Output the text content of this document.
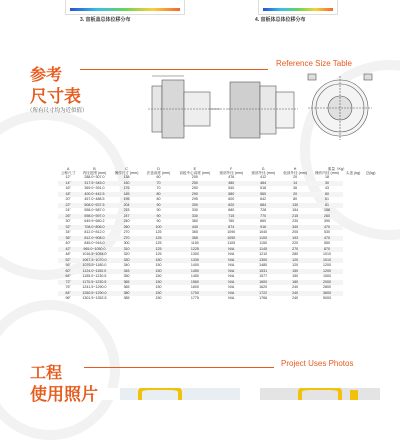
3. 盲板盖总体位移分布	4. 盲板体总体位移分布
参考
尺寸表
（所有尺寸均为近似值）
Reference Size Table
A	B	C	D	E	F	G	H	重量（Kg）		
公称尺寸	内径范围 (mm)	操作尺寸 (mm)	法盖高度 (mm)	盲板中心高度 (mm)	颈部外径 (mm)	颈部外径 (mm)	低部外径 (mm)	操作内径 (mm)	头盖 (kg)	总(kg)
12"	288.0~307.0	138	60	200	476	412	20	18		
14"	317.5~345.0	160	70	250	480	464	14	30		
16"	369.0~391.0	176	70	250	540	518	36	43		
18"	400.0~442.5	185	80	290	580	560	20	60		
20"	457.0~488.5	195	80	295	600	642	80	61		
22"	508.0~537.5	204	90	300	620	684	130	81		
24"	558.0~587.0	215	90	330	680	728	154	158		
26"	598.0~597.0	247	90	330	715	770	215	260		
30"	649.9~650.2	240	90	360	760	860	230	390		
32"	708.0~806.0	260	100	440	874	916	340	470		
34"	812.0~812.0	270	125	365	1090	1040	205	530		
36"	812.0~908.0	270	125	365	1090	1100	193	470		
40"	845.0~918.0	300	125	1150	1105	1150	220	550		
42"	965.0~1050.0	310	125	1225	N/A	1145	270	870		
48"	1016.5~1054.0	320	125	1300	N/A	1210	280	1010		
52"	1067.5~1070.0	330	150	1330	N/A	1300	120	1010		
56"	1076.5~1180.0	340	150	1400	N/A	1480	120	1200		
60"	1124.0~1150.0	345	150	1450	N/A	1531	150	1200		
64"	1155.0~1230.5	350	150	1450	N/A	1577	150	1500		
72"	1170.5~1230.5	365	150	1560	N/A	1600	180	2000		
76"	1241.5~1290.0	365	150	1600	N/A	1620	240	2800		
84"	1260.5~1290.0	380	150	1700	N/A	1722	240	3600		
96"	1301.5~1352.5	385	150	1775	N/A	1766	240	5000		
工程
使用照片
Project Uses Photos
